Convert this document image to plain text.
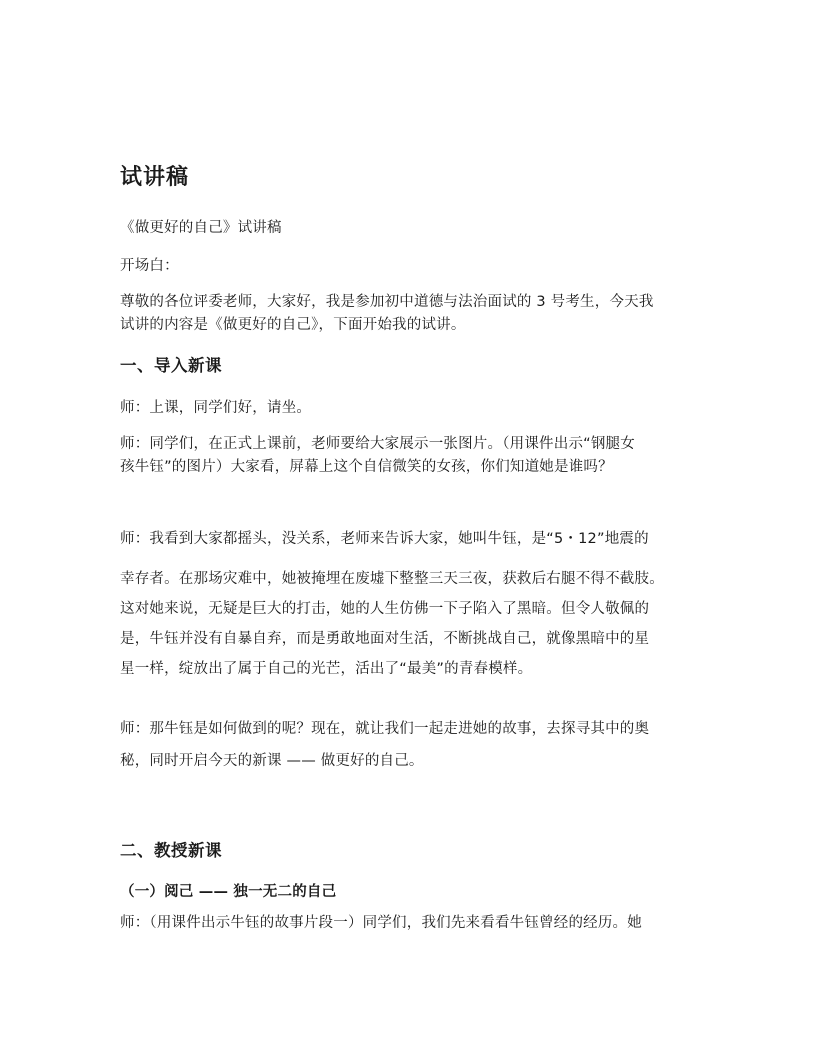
试讲稿
《做更好的自己》试讲稿
开场白：
尊敬的各位评委老师，大家好，我是参加初中道德与法治面试的 3 号考生，今天我
试讲的内容是《做更好的自己》，下面开始我的试讲。
一、导入新课
师：上课，同学们好，请坐。
师：同学们，在正式上课前，老师要给大家展示一张图片。（用课件出示“钢腿女
孩牛钰”的图片）大家看，屏幕上这个自信微笑的女孩，你们知道她是谁吗？
师：我看到大家都摇头，没关系，老师来告诉大家，她叫牛钰，是“5・12”地震的
幸存者。在那场灾难中，她被掩埋在废墟下整整三天三夜，获救后右腿不得不截肢。
这对她来说，无疑是巨大的打击，她的人生仿佛一下子陷入了黑暗。但令人敬佩的
是，牛钰并没有自暴自弃，而是勇敢地面对生活，不断挑战自己，就像黑暗中的星
星一样，绽放出了属于自己的光芒，活出了“最美”的青春模样。
师：那牛钰是如何做到的呢？现在，就让我们一起走进她的故事，去探寻其中的奥
秘，同时开启今天的新课 —— 做更好的自己。
二、教授新课
（一）阅己 —— 独一无二的自己
师：（用课件出示牛钰的故事片段一）同学们，我们先来看看牛钰曾经的经历。她
